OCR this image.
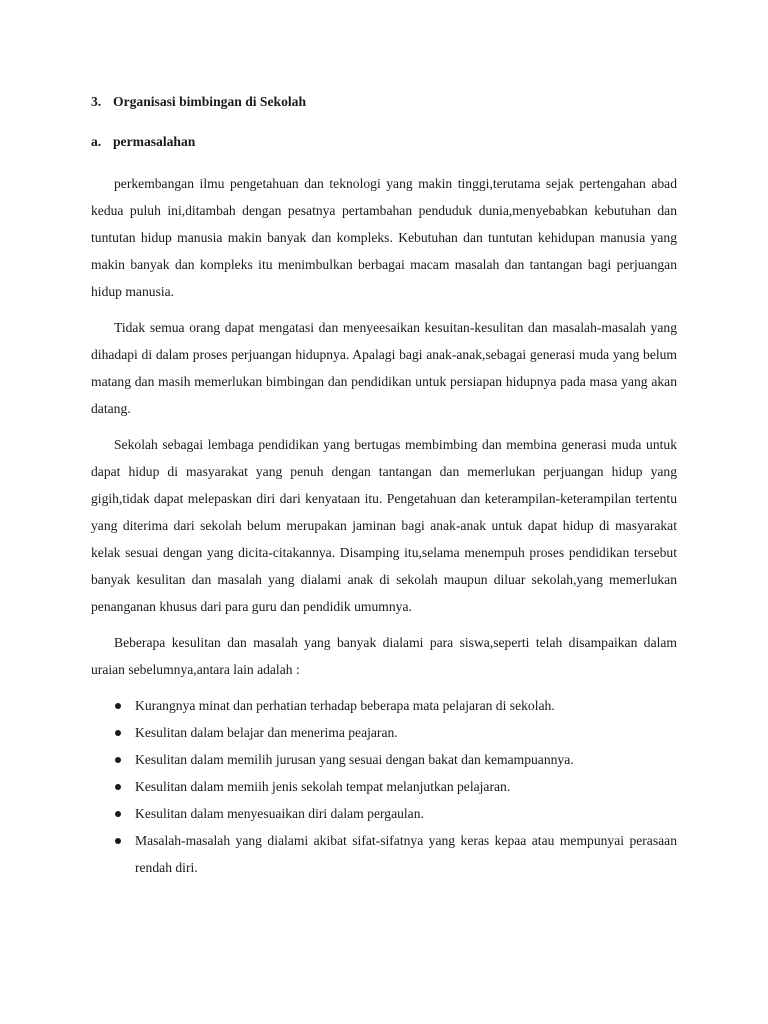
3. Organisasi bimbingan di Sekolah

a. permasalahan

perkembangan ilmu pengetahuan dan teknologi yang makin tinggi,terutama sejak pertengahan abad kedua puluh ini,ditambah dengan pesatnya pertambahan penduduk dunia,menyebabkan kebutuhan dan tuntutan hidup manusia makin banyak dan kompleks. Kebutuhan dan tuntutan kehidupan manusia yang makin banyak dan kompleks itu menimbulkan berbagai macam masalah dan tantangan bagi perjuangan hidup manusia.

Tidak semua orang dapat mengatasi dan menyeesaikan kesuitan-kesulitan dan masalah-masalah yang dihadapi di dalam proses perjuangan hidupnya. Apalagi bagi anak-anak,sebagai generasi muda yang belum matang dan masih memerlukan bimbingan dan pendidikan untuk persiapan hidupnya pada masa yang akan datang.

Sekolah sebagai lembaga pendidikan yang bertugas membimbing dan membina generasi muda untuk dapat hidup di masyarakat yang penuh dengan tantangan dan memerlukan perjuangan hidup yang gigih,tidak dapat melepaskan diri dari kenyataan itu. Pengetahuan dan keterampilan-keterampilan tertentu yang diterima dari sekolah belum merupakan jaminan bagi anak-anak untuk dapat hidup di masyarakat kelak sesuai dengan yang dicita-citakannya. Disamping itu,selama menempuh proses pendidikan tersebut banyak kesulitan dan masalah yang dialami anak di sekolah maupun diluar sekolah,yang memerlukan penanganan khusus dari para guru dan pendidik umumnya.

Beberapa kesulitan dan masalah yang banyak dialami para siswa,seperti telah disampaikan dalam uraian sebelumnya,antara lain adalah :

Kurangnya minat dan perhatian terhadap beberapa mata pelajaran di sekolah.
Kesulitan dalam belajar dan menerima peajaran.
Kesulitan dalam memilih jurusan yang sesuai dengan bakat dan kemampuannya.
Kesulitan dalam memiih jenis sekolah tempat melanjutkan pelajaran.
Kesulitan dalam menyesuaikan diri dalam pergaulan.
Masalah-masalah yang dialami akibat sifat-sifatnya yang keras kepaa atau mempunyai perasaan rendah diri.
